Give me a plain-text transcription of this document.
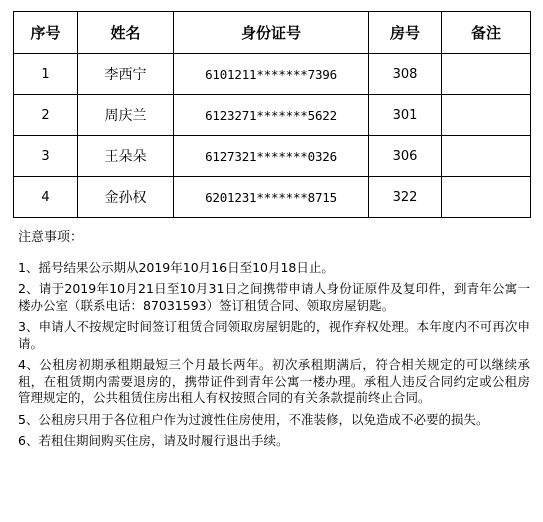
序号	姓名	身份证号	房号	备注
1	李西宁	6101211*******7396	308	
2	周庆兰	6123271*******5622	301	
3	王朵朵	6127321*******0326	306	
4	金孙权	6201231*******8715	322	

注意事项：

1、摇号结果公示期从2019年10月16日至10月18日止。

2、请于2019年10月21日至10月31日之间携带申请人身份证原件及复印件，到青年公寓一楼办公室（联系电话：87031593）签订租赁合同、领取房屋钥匙。

3、申请人不按规定时间签订租赁合同领取房屋钥匙的，视作弃权处理。本年度内不可再次申请。

4、公租房初期承租期最短三个月最长两年。初次承租期满后，符合相关规定的可以继续承租，在租赁期内需要退房的，携带证件到青年公寓一楼办理。承租人违反合同约定或公租房管理规定的，公共租赁住房出租人有权按照合同的有关条款提前终止合同。

5、公租房只用于各位租户作为过渡性住房使用，不准装修，以免造成不必要的损失。

6、若租住期间购买住房，请及时履行退出手续。
